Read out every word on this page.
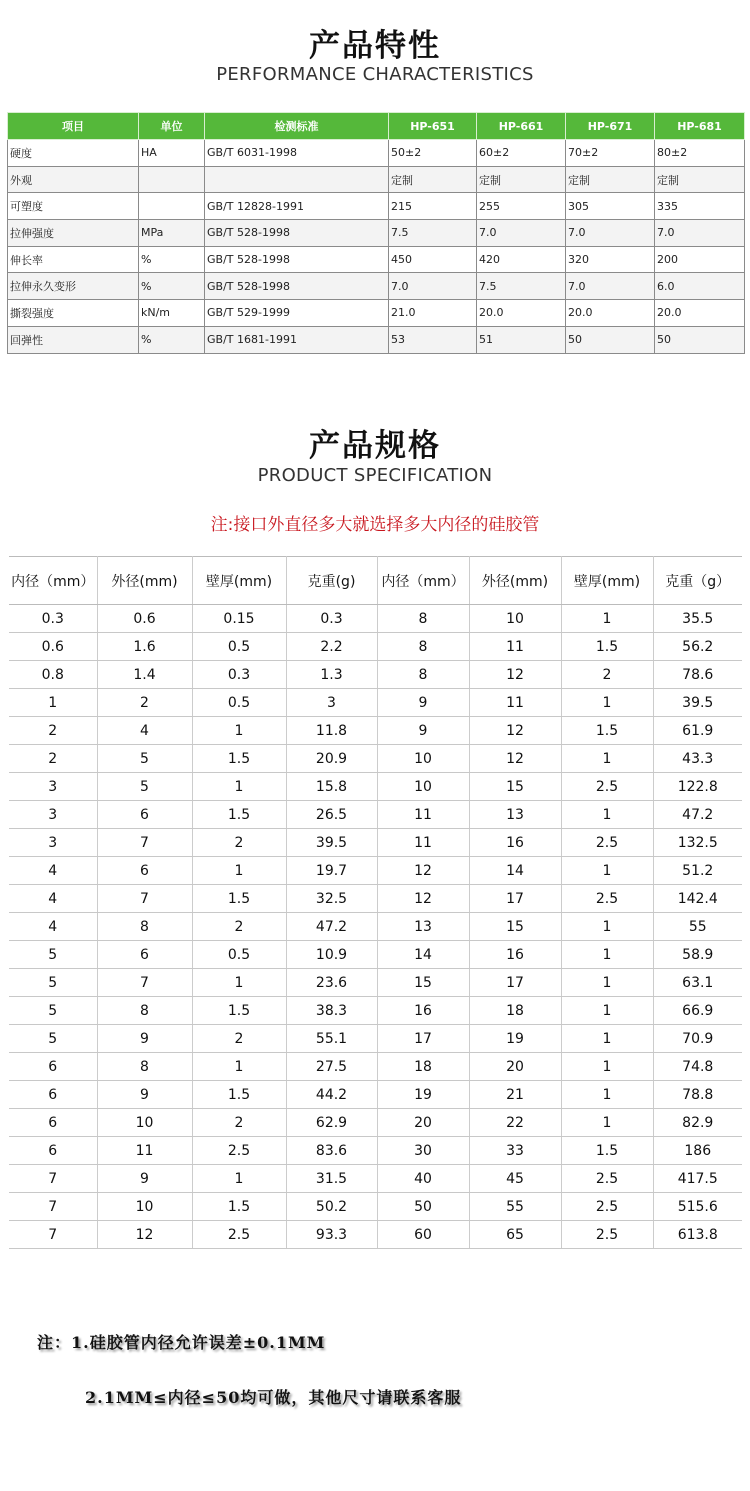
产品特性
PERFORMANCE CHARACTERISTICS
项目	单位	检测标准	HP-651	HP-661	HP-671	HP-681
硬度	HA	GB/T 6031-1998	50±2	60±2	70±2	80±2
外观			定制	定制	定制	定制
可塑度		GB/T 12828-1991	215	255	305	335
拉伸强度	MPa	GB/T 528-1998	7.5	7.0	7.0	7.0
伸长率	%	GB/T 528-1998	450	420	320	200
拉伸永久变形	%	GB/T 528-1998	7.0	7.5	7.0	6.0
撕裂强度	kN/m	GB/T 529-1999	21.0	20.0	20.0	20.0
回弹性	%	GB/T 1681-1991	53	51	50	50
产品规格
PRODUCT SPECIFICATION
注:接口外直径多大就选择多大内径的硅胶管
内径（mm）	外径(mm)	壁厚(mm)	克重(g)	内径（mm）	外径(mm)	壁厚(mm)	克重（g）
0.3	0.6	0.15	0.3	8	10	1	35.5
0.6	1.6	0.5	2.2	8	11	1.5	56.2
0.8	1.4	0.3	1.3	8	12	2	78.6
1	2	0.5	3	9	11	1	39.5
2	4	1	11.8	9	12	1.5	61.9
2	5	1.5	20.9	10	12	1	43.3
3	5	1	15.8	10	15	2.5	122.8
3	6	1.5	26.5	11	13	1	47.2
3	7	2	39.5	11	16	2.5	132.5
4	6	1	19.7	12	14	1	51.2
4	7	1.5	32.5	12	17	2.5	142.4
4	8	2	47.2	13	15	1	55
5	6	0.5	10.9	14	16	1	58.9
5	7	1	23.6	15	17	1	63.1
5	8	1.5	38.3	16	18	1	66.9
5	9	2	55.1	17	19	1	70.9
6	8	1	27.5	18	20	1	74.8
6	9	1.5	44.2	19	21	1	78.8
6	10	2	62.9	20	22	1	82.9
6	11	2.5	83.6	30	33	1.5	186
7	9	1	31.5	40	45	2.5	417.5
7	10	1.5	50.2	50	55	2.5	515.6
7	12	2.5	93.3	60	65	2.5	613.8
注：1.硅胶管内径允许误差±0.1MM
2.1MM≤内径≤50均可做，其他尺寸请联系客服
